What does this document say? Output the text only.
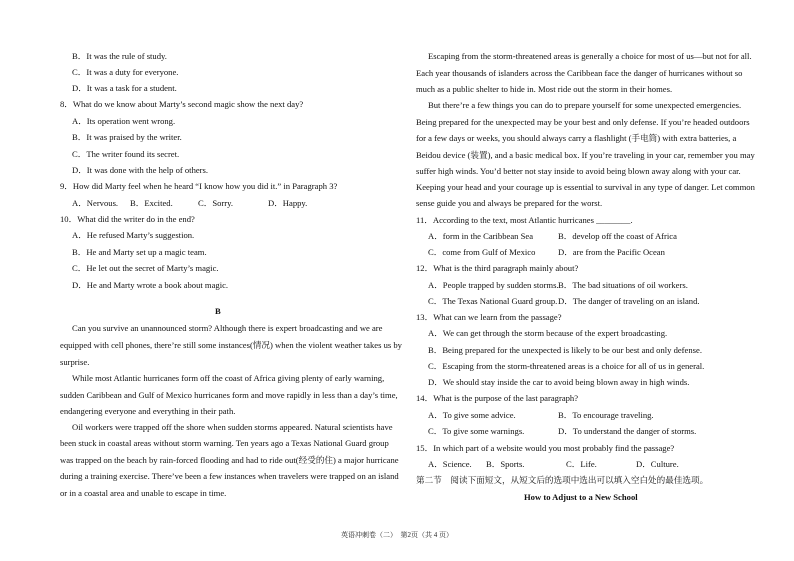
B．It was the rule of study.
C．It was a duty for everyone.
D．It was a task for a student.
8．What do we know about Marty’s second magic show the next day?
A．Its operation went wrong.
B．It was praised by the writer.
C．The writer found its secret.
D．It was done with the help of others.
9．How did Marty feel when he heard “I know how you did it.” in Paragraph 3?
A．Nervous. B．Excited.	C．Sorry.	D．Happy.
10．What did the writer do in the end?
A．He refused Marty’s suggestion.
B．He and Marty set up a magic team.
C．He let out the secret of Marty’s magic.
D．He and Marty wrote a book about magic.
B
Can you survive an unannounced storm? Although there is expert broadcasting and we are
equipped with cell phones, there’re still some instances(情况) when the violent weather takes us by
surprise.
While most Atlantic hurricanes form off the coast of Africa giving plenty of early warning,
sudden Caribbean and Gulf of Mexico hurricanes form and move rapidly in less than a day’s time,
endangering everyone and everything in their path.
Oil workers were trapped off the shore when sudden storms appeared. Natural scientists have
been stuck in coastal areas without storm warning. Ten years ago a Texas National Guard group
was trapped on the beach by rain-forced flooding and had to ride out(经受的住) a major hurricane
during a training exercise. There’ve been a few instances when travelers were trapped on an island
or in a coastal area and unable to escape in time.
Escaping from the storm-threatened areas is generally a choice for most of us—but not for all.
Each year thousands of islanders across the Caribbean face the danger of hurricanes without so
much as a public shelter to hide in. Most ride out the storm in their homes.
But there’re a few things you can do to prepare yourself for some unexpected emergencies.
Being prepared for the unexpected may be your best and only defense. If you’re headed outdoors
for a few days or weeks, you should always carry a flashlight (手电筒) with extra batteries, a
Beidou device (装置), and a basic medical box. If you’re traveling in your car, remember you may
suffer high winds. You’d better not stay inside to avoid being blown away along with your car.
Keeping your head and your courage up is essential to survival in any type of danger. Let common
sense guide you and always be prepared for the worst.
11．According to the text, most Atlantic hurricanes ________.
A．form in the Caribbean Sea	B．develop off the coast of Africa
C．come from Gulf of Mexico	D．are from the Pacific Ocean
12．What is the third paragraph mainly about?
A．People trapped by sudden storms. B．The bad situations of oil workers.
C．The Texas National Guard group. D．The danger of traveling on an island.
13．What can we learn from the passage?
A．We can get through the storm because of the expert broadcasting.
B．Being prepared for the unexpected is likely to be our best and only defense.
C．Escaping from the storm-threatened areas is a choice for all of us in general.
D．We should stay inside the car to avoid being blown away in high winds.
14．What is the purpose of the last paragraph?
A．To give some advice.	B．To encourage traveling.
C．To give some warnings.	D．To understand the danger of storms.
15．In which part of a website would you most probably find the passage?
A．Science. B．Sports.	C．Life.	D．Culture.
第二节　阅读下面短文，从短文后的选项中选出可以填入空白处的最佳选项。
How to Adjust to a New School
英语冲刺卷（二）　第2页（共 4 页）
